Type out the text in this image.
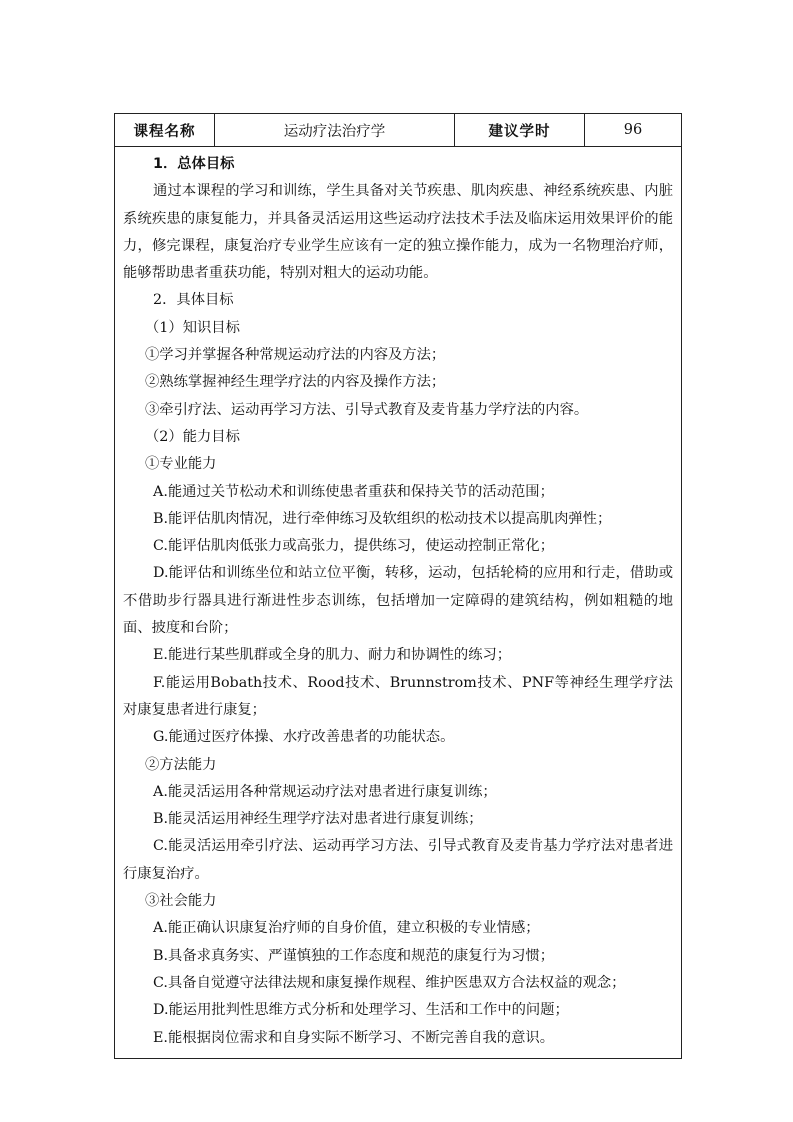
课程名称	运动疗法治疗学	建议学时	96

1．总体目标
通过本课程的学习和训练，学生具备对关节疾患、肌肉疾患、神经系统疾患、内脏系统疾患的康复能力，并具备灵活运用这些运动疗法技术手法及临床运用效果评价的能力，修完课程，康复治疗专业学生应该有一定的独立操作能力，成为一名物理治疗师，能够帮助患者重获功能，特别对粗大的运动功能。
2．具体目标
（1）知识目标
①学习并掌握各种常规运动疗法的内容及方法；
②熟练掌握神经生理学疗法的内容及操作方法；
③牵引疗法、运动再学习方法、引导式教育及麦肯基力学疗法的内容。
（2）能力目标
①专业能力
A.能通过关节松动术和训练使患者重获和保持关节的活动范围；
B.能评估肌肉情况，进行牵伸练习及软组织的松动技术以提高肌肉弹性；
C.能评估肌肉低张力或高张力，提供练习，使运动控制正常化；
D.能评估和训练坐位和站立位平衡，转移，运动，包括轮椅的应用和行走，借助或不借助步行器具进行渐进性步态训练，包括增加一定障碍的建筑结构，例如粗糙的地面、披度和台阶；
E.能进行某些肌群或全身的肌力、耐力和协调性的练习；
F.能运用Bobath技术、Rood技术、Brunnstrom技术、PNF等神经生理学疗法对康复患者进行康复；
G.能通过医疗体操、水疗改善患者的功能状态。
②方法能力
A.能灵活运用各种常规运动疗法对患者进行康复训练；
B.能灵活运用神经生理学疗法对患者进行康复训练；
C.能灵活运用牵引疗法、运动再学习方法、引导式教育及麦肯基力学疗法对患者进行康复治疗。
③社会能力
A.能正确认识康复治疗师的自身价值，建立积极的专业情感；
B.具备求真务实、严谨慎独的工作态度和规范的康复行为习惯；
C.具备自觉遵守法律法规和康复操作规程、维护医患双方合法权益的观念；
D.能运用批判性思维方式分析和处理学习、生活和工作中的问题；
E.能根据岗位需求和自身实际不断学习、不断完善自我的意识。
